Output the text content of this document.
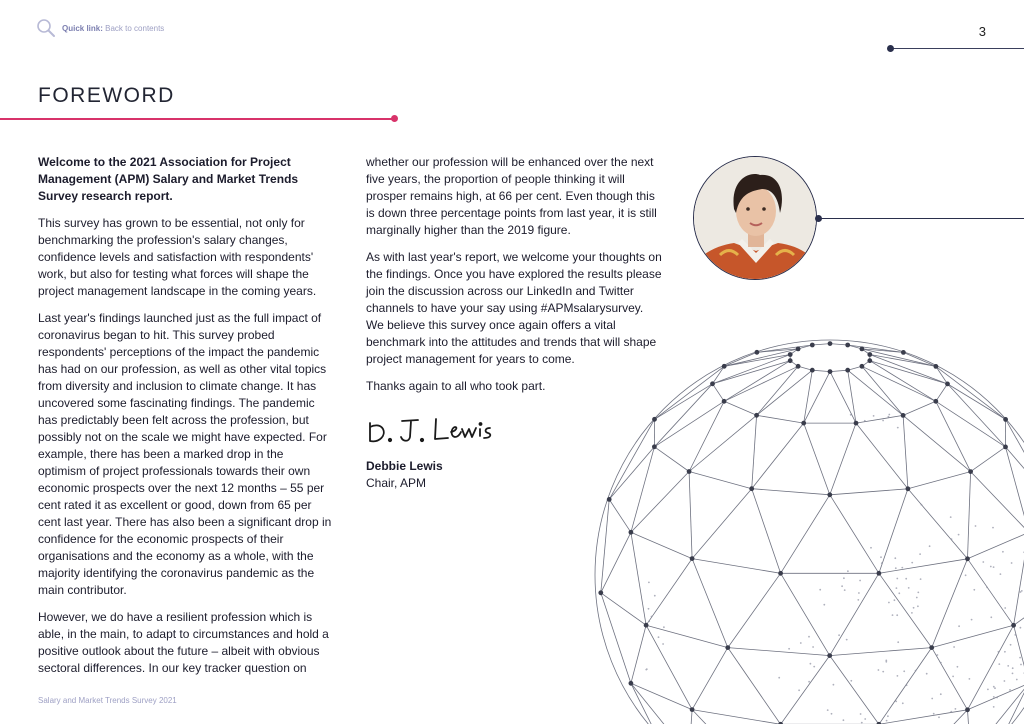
Quick link: Back to contents	3
FOREWORD

Welcome to the 2021 Association for Project Management (APM) Salary and Market Trends Survey research report.

This survey has grown to be essential, not only for benchmarking the profession's salary changes, confidence levels and satisfaction with respondents' work, but also for testing what forces will shape the project management landscape in the coming years.

Last year's findings launched just as the full impact of coronavirus began to hit. This survey probed respondents' perceptions of the impact the pandemic has had on our profession, as well as other vital topics from diversity and inclusion to climate change. It has uncovered some fascinating findings. The pandemic has predictably been felt across the profession, but possibly not on the scale we might have expected. For example, there has been a marked drop in the optimism of project professionals towards their own economic prospects over the next 12 months – 55 per cent rated it as excellent or good, down from 65 per cent last year. There has also been a significant drop in confidence for the economic prospects of their organisations and the economy as a whole, with the majority identifying the coronavirus pandemic as the main contributor.

However, we do have a resilient profession which is able, in the main, to adapt to circumstances and hold a positive outlook about the future – albeit with obvious sectoral differences. In our key tracker question on

whether our profession will be enhanced over the next five years, the proportion of people thinking it will prosper remains high, at 66 per cent. Even though this is down three percentage points from last year, it is still marginally higher than the 2019 figure.

As with last year's report, we welcome your thoughts on the findings. Once you have explored the results please join the discussion across our LinkedIn and Twitter channels to have your say using #APMsalarysurvey. We believe this survey once again offers a vital benchmark into the attitudes and trends that will shape project management for years to come.

Thanks again to all who took part.

Debbie Lewis

Chair, APM

Salary and Market Trends Survey 2021
